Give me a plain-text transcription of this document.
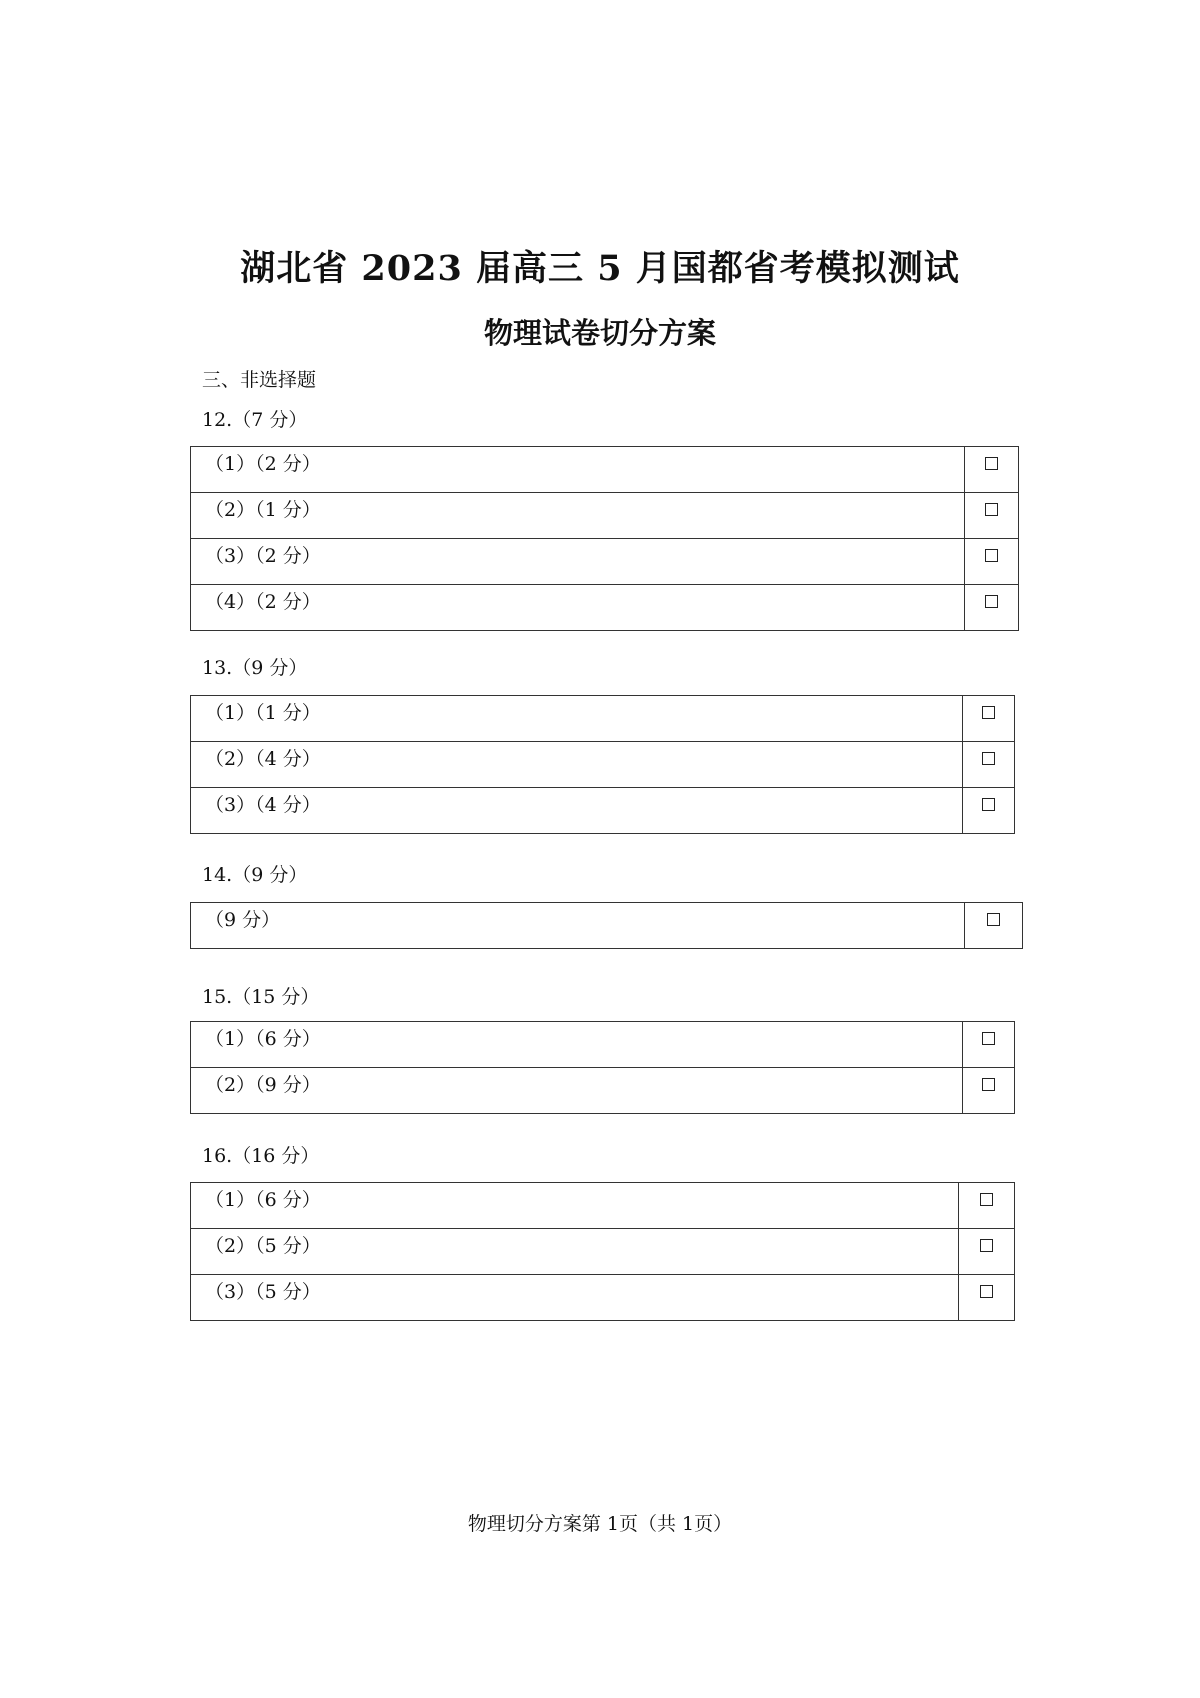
湖北省 2023 届高三 5 月国都省考模拟测试
物理试卷切分方案
三、非选择题
12.（7 分）
（1）（2 分）	
（2）（1 分）	
（3）（2 分）	
（4）（2 分）	
13.（9 分）
（1）（1 分）	
（2）（4 分）	
（3）（4 分）	
14.（9 分）
（9 分）	
15.（15 分）
（1）（6 分）	
（2）（9 分）	
16.（16 分）
（1）（6 分）	
（2）（5 分）	
（3）（5 分）	
物理切分方案第 1页（共 1页）
